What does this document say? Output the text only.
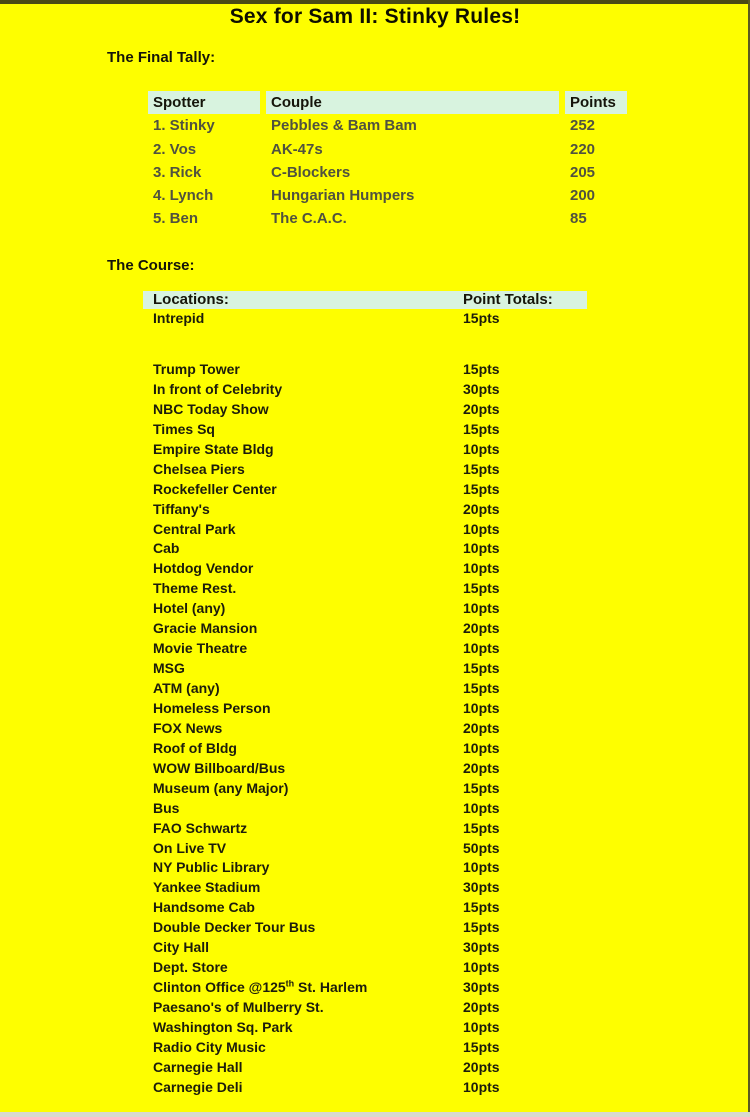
Sex for Sam II: Stinky Rules!
The Final Tally:
Spotter	Couple	Points
1. Stinky	Pebbles & Bam Bam	252
2. Vos	AK-47s	220
3. Rick	C-Blockers	205
4. Lynch	Hungarian Humpers	200
5. Ben	The C.A.C.	85
The Course:
Locations:	Point Totals:
Intrepid	15pts
Trump Tower	15pts
In front of Celebrity	30pts
NBC Today Show	20pts
Times Sq	15pts
Empire State Bldg	10pts
Chelsea Piers	15pts
Rockefeller Center	15pts
Tiffany's	20pts
Central Park	10pts
Cab	10pts
Hotdog Vendor	10pts
Theme Rest.	15pts
Hotel (any)	10pts
Gracie Mansion	20pts
Movie Theatre	10pts
MSG	15pts
ATM (any)	15pts
Homeless Person	10pts
FOX News	20pts
Roof of Bldg	10pts
WOW Billboard/Bus	20pts
Museum (any Major)	15pts
Bus	10pts
FAO Schwartz	15pts
On Live TV	50pts
NY Public Library	10pts
Yankee Stadium	30pts
Handsome Cab	15pts
Double Decker Tour Bus	15pts
City Hall	30pts
Dept. Store	10pts
Clinton Office @125th St. Harlem	30pts
Paesano's of Mulberry St.	20pts
Washington Sq. Park	10pts
Radio City Music	15pts
Carnegie Hall	20pts
Carnegie Deli	10pts
